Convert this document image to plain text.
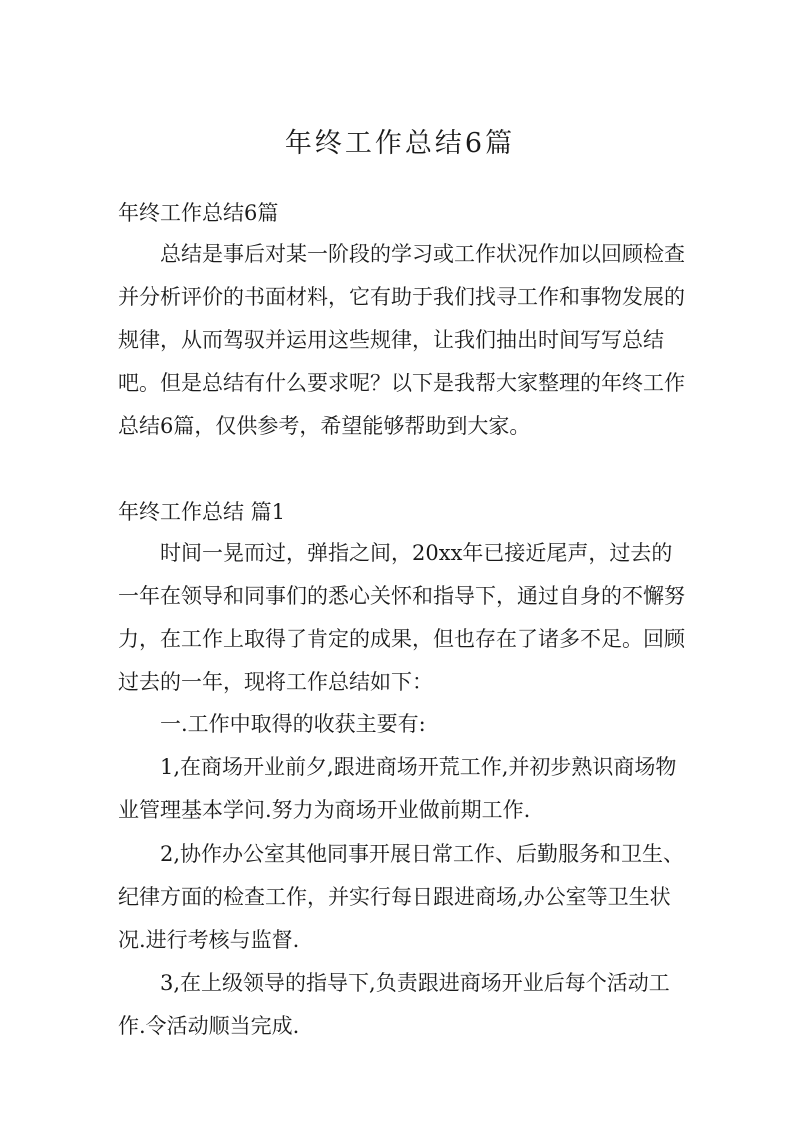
年终工作总结6篇

年终工作总结6篇

总结是事后对某一阶段的学习或工作状况作加以回顾检查并分析评价的书面材料，它有助于我们找寻工作和事物发展的规律，从而驾驭并运用这些规律，让我们抽出时间写写总结吧。但是总结有什么要求呢？以下是我帮大家整理的年终工作总结6篇，仅供参考，希望能够帮助到大家。

年终工作总结 篇1

时间一晃而过，弹指之间，20xx年已接近尾声，过去的一年在领导和同事们的悉心关怀和指导下，通过自身的不懈努力，在工作上取得了肯定的成果，但也存在了诸多不足。回顾过去的一年，现将工作总结如下：

一.工作中取得的收获主要有:

1,在商场开业前夕,跟进商场开荒工作,并初步熟识商场物业管理基本学问.努力为商场开业做前期工作.

2,协作办公室其他同事开展日常工作、后勤服务和卫生、纪律方面的检查工作，并实行每日跟进商场,办公室等卫生状况.进行考核与监督.

3,在上级领导的指导下,负责跟进商场开业后每个活动工作.令活动顺当完成.
